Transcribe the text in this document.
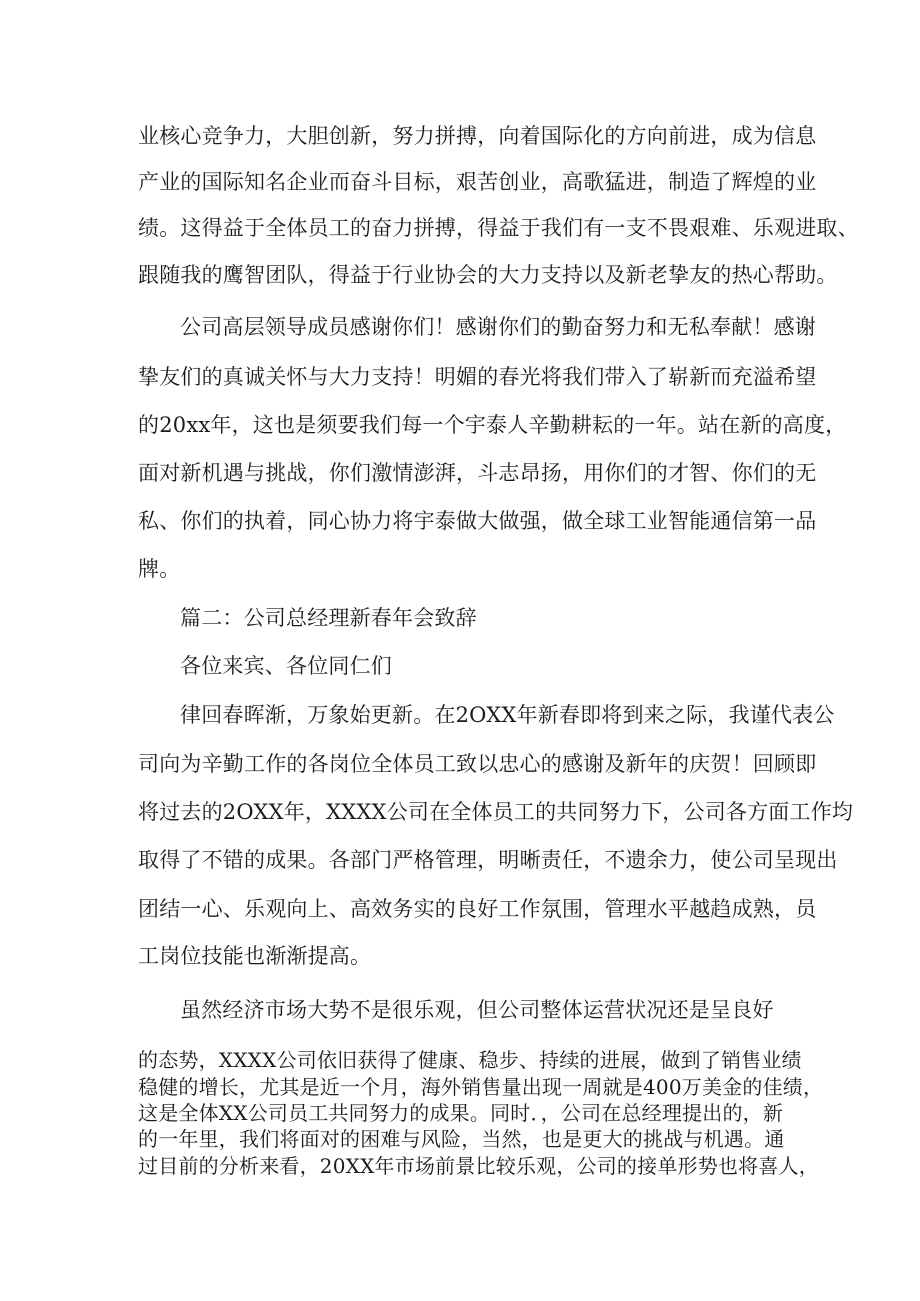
业核心竞争力，大胆创新，努力拼搏，向着国际化的方向前进，成为信息
产业的国际知名企业而奋斗目标，艰苦创业，高歌猛进，制造了辉煌的业
绩。这得益于全体员工的奋力拼搏，得益于我们有一支不畏艰难、乐观进取、
跟随我的鹰智团队，得益于行业协会的大力支持以及新老挚友的热心帮助。
公司高层领导成员感谢你们！感谢你们的勤奋努力和无私奉献！感谢
挚友们的真诚关怀与大力支持！明媚的春光将我们带入了崭新而充溢希望
的20xx年，这也是须要我们每一个宇泰人辛勤耕耘的一年。站在新的高度，
面对新机遇与挑战，你们激情澎湃，斗志昂扬，用你们的才智、你们的无
私、你们的执着，同心协力将宇泰做大做强，做全球工业智能通信第一品
牌。
篇二：公司总经理新春年会致辞
各位来宾、各位同仁们
律回春晖渐，万象始更新。在2OXX年新春即将到来之际，我谨代表公
司向为辛勤工作的各岗位全体员工致以忠心的感谢及新年的庆贺！回顾即
将过去的2OXX年，XXXX公司在全体员工的共同努力下，公司各方面工作均
取得了不错的成果。各部门严格管理，明晰责任，不遗余力，使公司呈现出
团结一心、乐观向上、高效务实的良好工作氛围，管理水平越趋成熟，员
工岗位技能也渐渐提高。
虽然经济市场大势不是很乐观，但公司整体运营状况还是呈良好
的态势，XXXX公司依旧获得了健康、稳步、持续的进展，做到了销售业绩
稳健的增长，尤其是近一个月，海外销售量出现一周就是400万美金的佳绩，
这是全体XX公司员工共同努力的成果。同时．，公司在总经理提出的，新
的一年里，我们将面对的困难与风险，当然，也是更大的挑战与机遇。通
过目前的分析来看，20XX年市场前景比较乐观，公司的接单形势也将喜人，
